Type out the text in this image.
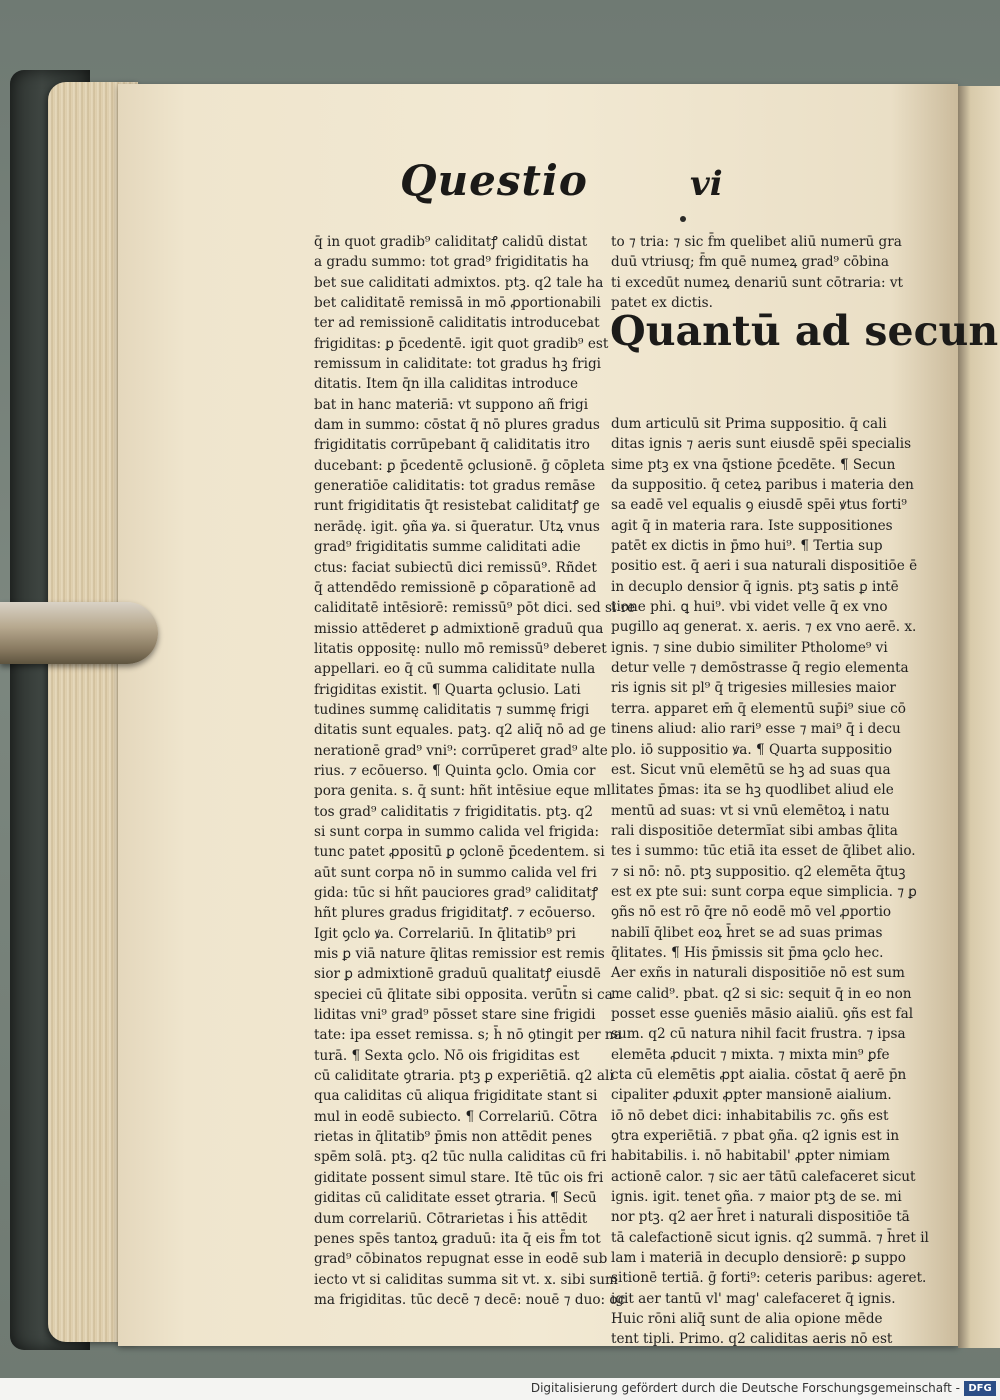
Questio	vi
q̄ in quot gradib⁹ caliditatꝭ calidū distat
a gradu summo: tot grad⁹ frigiditatis ha
bet sue caliditati admixtos. ptꝫ. q2 tale ha
bet caliditatē remissā in mō ꝓportionabili
ter ad remissionē caliditatis introducebat
frigiditas: ꝑ p̄cedentē. igit quot gradib⁹ est
remissum in caliditate: tot gradus hꝫ frigi
ditatis. Item q̄n illa caliditas introduce
bat in hanc materiā: vt suppono añ frigi
dam in summo: cōstat q̄ nō plures gradus
frigiditatis corrūpebant q̄ caliditatis itro
ducebant: ꝑ p̄cedentē ꝯclusionē. ḡ cōpleta
generatiōe caliditatis: tot gradus remāse
runt frigiditatis q̄t resistebat caliditatꝭ ge
nerādę. igit. ꝯña ꝟa. si q̄ueratur. Utꝝ vnus
grad⁹ frigiditatis summe caliditati adie
ctus: faciat subiectū dici remissū⁹. Rñdet
q̄ attendēdo remissionē ꝑ cōparationē ad
caliditatē intēsiorē: remissū⁹ pōt dici. sed si re
missio attēderet ꝑ admixtionē graduū qua
litatis oppositę: nullo mō remissū⁹ deberet
appellari. eo q̄ cū summa caliditate nulla
frigiditas existit. ¶ Quarta ꝯclusio. Lati
tudines summę caliditatis ⁊ summę frigi
ditatis sunt equales. patꝫ. q2 aliq̄ nō ad ge
nerationē grad⁹ vni⁹: corrūperet grad⁹ alte
rius. ⁊ ecōuerso. ¶ Quinta ꝯclo. Omia cor
pora genita. s. q̄ sunt: hñt intēsiue eque ml
tos grad⁹ caliditatis ⁊ frigiditatis. ptꝫ. q2
si sunt corpa in summo calida vel frigida:
tunc patet ꝓpositū ꝑ ꝯclonē p̄cedentem. si
aūt sunt corpa nō in summo calida vel fri
gida: tūc si hñt pauciores grad⁹ caliditatꝭ
hñt plures gradus frigiditatꝭ. ⁊ ecōuerso.
Igit ꝯclo ꝟa. Correlariū. In q̄litatib⁹ pri
mis ꝑ viā nature q̄litas remissior est remis
sior ꝑ admixtionē graduū qualitatꝭ eiusdē
speciei cū q̄litate sibi opposita. verūt̄n si ca
liditas vni⁹ grad⁹ pōsset stare sine frigidi
tate: ipa esset remissa. s; h̄ nō ꝯtingit per na
turā. ¶ Sexta ꝯclo. Nō ois frigiditas est
cū caliditate ꝯtraria. ptꝫ ꝑ experiētiā. q2 ali
qua caliditas cū aliqua frigiditate stant si
mul in eodē subiecto. ¶ Correlariū. Cōtra
rietas in q̄litatib⁹ p̄mis non attēdit penes
spēm solā. ptꝫ. q2 tūc nulla caliditas cū fri
giditate possent simul stare. Itē tūc ois fri
giditas cū caliditate esset ꝯtraria. ¶ Secū
dum correlariū. Cōtrarietas i h̄is attēdit
penes spēs tantoꝝ graduū: ita q̄ eis f̄m tot
grad⁹ cōbinatos repugnat esse in eodē sub
iecto vt si caliditas summa sit vt. x. sibi sum
ma frigiditas. tūc decē ⁊ decē: nouē ⁊ duo: oc
to ⁊ tria: ⁊ sic f̄m quelibet aliū numerū gra
duū vtriusq; f̄m quē numeꝝ grad⁹ cōbina
ti excedūt numeꝝ denariū sunt cōtraria: vt
patet ex dictis.
Quantū ad secun
dum articulū sit Prima suppositio. q̄ cali
ditas ignis ⁊ aeris sunt eiusdē spēi specialis
sime ptꝫ ex vna q̄stione p̄cedēte. ¶ Secun
da suppositio. q̄ ceteꝝ paribus i materia den
sa eadē vel equalis ꝯ eiusdē spēi ꝟtus forti⁹
agit q̄ in materia rara. Iste suppositiones
patēt ex dictis in p̄mo hui⁹. ¶ Tertia sup
positio est. q̄ aeri i sua naturali dispositiōe ē
in decuplo densior q̄ ignis. ptꝫ satis ꝑ intē
tione phi. ꝗ hui⁹. vbi videt velle q̄ ex vno
pugillo aq generat. x. aeris. ⁊ ex vno aerē. x.
ignis. ⁊ sine dubio similiter Ptholome⁹ vi
detur velle ⁊ demōstrasse q̄ regio elementa
ris ignis sit pl⁹ q̄ trigesies millesies maior
terra. apparet em̄ q̄ elementū sup̄i⁹ siue cō
tinens aliud: alio rari⁹ esse ⁊ mai⁹ q̄ i decu
plo. iō suppositio ꝟa. ¶ Quarta suppositio
est. Sicut vnū elemētū se hꝫ ad suas qua
litates p̄mas: ita se hꝫ quodlibet aliud ele
mentū ad suas: vt si vnū elemētoꝝ i natu
rali dispositiōe determīat sibi ambas q̄lita
tes i summo: tūc etiā ita esset de q̄libet alio.
⁊ si nō: nō. ptꝫ suppositio. q2 elemēta q̄tuꝫ
est ex pte sui: sunt corpa eque simplicia. ⁊ ꝑ
ꝯñs nō est rō q̄re nō eodē mō vel ꝓportio
nabilī q̄libet eoꝝ h̄ret se ad suas primas
q̄litates. ¶ His p̄missis sit p̄ma ꝯclo hec.
Aer exñs in naturali dispositiōe nō est sum
me calid⁹. pbat. q2 si sic: sequit q̄ in eo non
posset esse ꝯueniēs māsio aialiū. ꝯñs est fal
sum. q2 cū natura nihil facit frustra. ⁊ ipsa
elemēta ꝓducit ⁊ mixta. ⁊ mixta min⁹ ꝑfe
cta cū elemētis ꝓpt aialia. cōstat q̄ aerē p̄n
cipaliter ꝓduxit ꝓpter mansionē aialium.
iō nō debet dici: inhabitabilis ⁊c. ꝯñs est
ꝯtra experiētiā. ⁊ pbat ꝯña. q2 ignis est in
habitabilis. i. nō habitabil' ꝓpter nimiam
actionē calor. ⁊ sic aer tātū calefaceret sicut
ignis. igit. tenet ꝯña. ⁊ maior ptꝫ de se. mi
nor ptꝫ. q2 aer h̄ret i naturali dispositiōe tā
tā calefactionē sicut ignis. q2 summā. ⁊ h̄ret il
lam i materiā in decuplo densiorē: ꝑ suppo
sitionē tertiā. ḡ forti⁹: ceteris paribus: ageret.
igit aer tantū vl' mag' calefaceret q̄ ignis.
Huic rōni aliq̄ sunt de alia opione mēde
tent tipli. Primo. q2 caliditas aeris nō est
Digitalisierung gefördert durch die Deutsche Forschungsgemeinschaft - DFG
